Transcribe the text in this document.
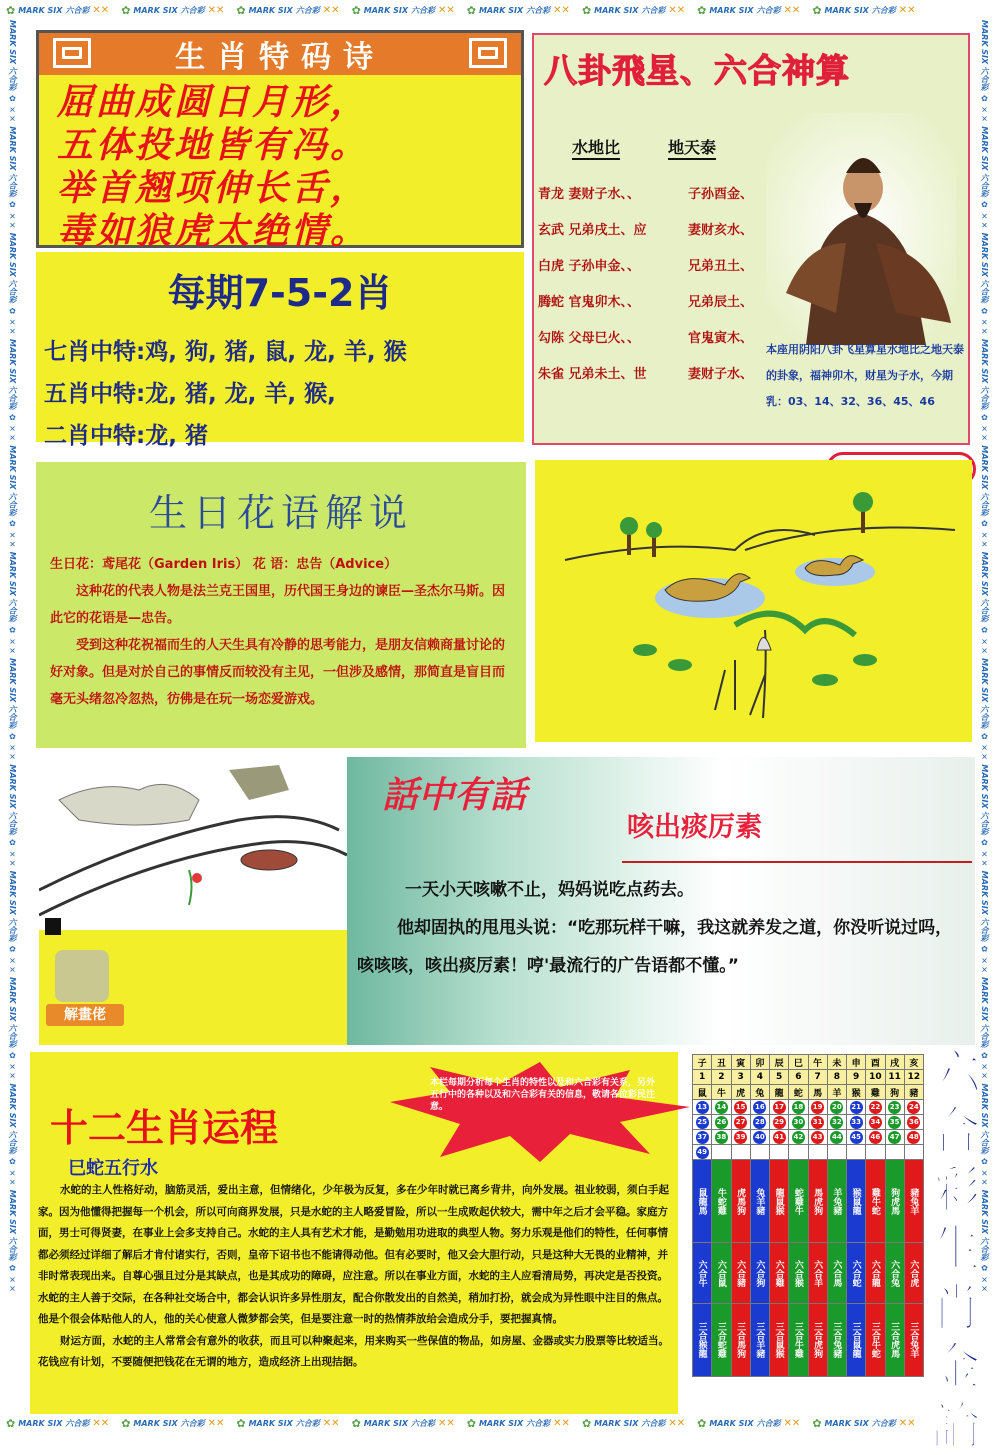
✿ MARK SIX 六合彩 ✕✕ ✿ MARK SIX 六合彩 ✕✕ ✿ MARK SIX 六合彩 ✕✕ ✿ MARK SIX 六合彩 ✕✕ ✿ MARK SIX 六合彩 ✕✕ ✿ MARK SIX 六合彩 ✕✕ ✿ MARK SIX 六合彩 ✕✕ ✿ MARK SIX 六合彩 ✕✕
✿ MARK SIX 六合彩 ✕✕ ✿ MARK SIX 六合彩 ✕✕ ✿ MARK SIX 六合彩 ✕✕ ✿ MARK SIX 六合彩 ✕✕ ✿ MARK SIX 六合彩 ✕✕ ✿ MARK SIX 六合彩 ✕✕ ✿ MARK SIX 六合彩 ✕✕ ✿ MARK SIX 六合彩 ✕✕
MARK SIX 六合彩 ✿ ✕✕ MARK SIX 六合彩 ✿ ✕✕ MARK SIX 六合彩 ✿ ✕✕ MARK SIX 六合彩 ✿ ✕✕ MARK SIX 六合彩 ✿ ✕✕ MARK SIX 六合彩 ✿ ✕✕ MARK SIX 六合彩 ✿ ✕✕ MARK SIX 六合彩 ✿ ✕✕ MARK SIX 六合彩 ✿ ✕✕ MARK SIX 六合彩 ✿ ✕✕ MARK SIX 六合彩 ✿ ✕✕ MARK SIX 六合彩 ✿ ✕✕	MARK SIX 六合彩 ✿ ✕✕ MARK SIX 六合彩 ✿ ✕✕ MARK SIX 六合彩 ✿ ✕✕ MARK SIX 六合彩 ✿ ✕✕ MARK SIX 六合彩 ✿ ✕✕ MARK SIX 六合彩 ✿ ✕✕ MARK SIX 六合彩 ✿ ✕✕ MARK SIX 六合彩 ✿ ✕✕ MARK SIX 六合彩 ✿ ✕✕ MARK SIX 六合彩 ✿ ✕✕ MARK SIX 六合彩 ✿ ✕✕ MARK SIX 六合彩 ✿ ✕✕
生肖特码诗
屈曲成圆日月形，
五体投地皆有冯。
举首翘项伸长舌，
毒如狼虎太绝情。
每期7-5-2肖
七肖中特:鸡, 狗, 猪, 鼠, 龙, 羊, 猴
五肖中特:龙, 猪, 龙, 羊, 猴,
二肖中特:龙, 猪
八卦飛星、六合神算
水地比	地天泰
青龙 妻财子水、、	子孙酉金、
玄武 兄弟戌土、应	妻财亥水、
白虎 子孙申金、、	兄弟丑土、
腾蛇 官鬼卯木、、	兄弟辰土、
勾陈 父母巳火、、	官鬼寅木、
朱雀 兄弟未土、世	妻财子水、
本座用阴阳八卦飞星算星水地比之地天泰的卦象，福神卯木，财星为子水，今期乳：03、14、32、36、45、46
生日花语解说
生日花：鸢尾花（Garden Iris） 花 语：忠告（Advice）
这种花的代表人物是法兰克王国里，历代国王身边的谏臣—圣杰尔马斯。因此它的花语是—忠告。
受到这种花祝福而生的人天生具有冷静的思考能力，是朋友信赖商量讨论的好对象。但是对於自己的事情反而较没有主见，一但涉及感情，那简直是盲目而毫无头绪忽冷忽热，彷佛是在玩一场恋爱游戏。
解畫佬
話中有話
咳出痰厉素
一天小天咳嗽不止，妈妈说吃点药去。
他却固执的甩甩头说：“吃那玩样干嘛，我这就养发之道，你没听说过吗，咳咳咳，咳出痰厉素！哼'最流行的广告语都不懂。”
本栏每期分析每个生肖的特性以及和六合彩有关系，另外五行中的各种以及和六合彩有关的信息，敬请各位彩民注意。
十二生肖运程
巳蛇五行水
水蛇的主人性格好动，脑筋灵活，爱出主意，但情绪化，少年极为反复，多在少年时就已离乡背井，向外发展。祖业较弱，须白手起家。因为他懂得把握每一个机会，所以可向商界发展，只是水蛇的主人略爱冒险，所以一生成败起伏较大，需中年之后才会平稳。家庭方面，男士可得贤妻，在事业上会多支持自己。水蛇的主人具有艺术才能，是勤勉用功进取的典型人物。努力乐观是他们的特性，任何事情都必须经过详细了解后才肯付诸实行，否则，皇帝下诏书也不能请得动他。但有必要时，他又会大胆行动，只是这种大无畏的业精神，并非时常表现出来。自尊心强且过分是其缺点，也是其成功的障碍，应注意。所以在事业方面，水蛇的主人应看清局势，再决定是否投资。水蛇的主人善于交际，在各种社交场合中，都会认识许多异性朋友，配合你散发出的自然美，稍加打扮，就会成为异性眼中注目的焦点。他是个很会体贴他人的人，他的关心使意人微梦都会笑，但是要注意一时的热情莽放给会造成分手，要把握真情。
财运方面，水蛇的主人常常会有意外的收获，而且可以种聚起来，用来购买一些保值的物品，如房屋、金器或实力股票等比较适当。花钱应有计划，不要随便把钱花在无谓的地方，造成经济上出现拮据。
子	丑	寅	卯	辰	巳	午	未	申	酉	戌	亥
1	2	3	4	5	6	7	8	9	10	11	12
鼠	牛	虎	兔	龍	蛇	馬	羊	猴	雞	狗	豬
13	14	15	16	17	18	19	20	21	22	23	24
25	26	27	28	29	30	31	32	33	34	35	36
37	38	39	40	41	42	43	44	45	46	47	48
49											
鼠龍馬	牛蛇雞	虎馬狗	兔羊豬	龍鼠猴	蛇雞牛	馬虎狗	羊兔豬	猴鼠龍	雞牛蛇	狗虎馬	豬兔羊
六合牛	六合鼠	六合豬	六合狗	六合雞	六合猴	六合羊	六合馬	六合蛇	六合龍	六合兔	六合虎
三合猴龍	三合蛇雞	三合馬狗	三合羊豬	三合鼠猴	三合牛雞	三合虎狗	三合兔豬	三合鼠龍	三合牛蛇	三合虎馬	三合兔羊
六
合
彩
生
肖
金
論
